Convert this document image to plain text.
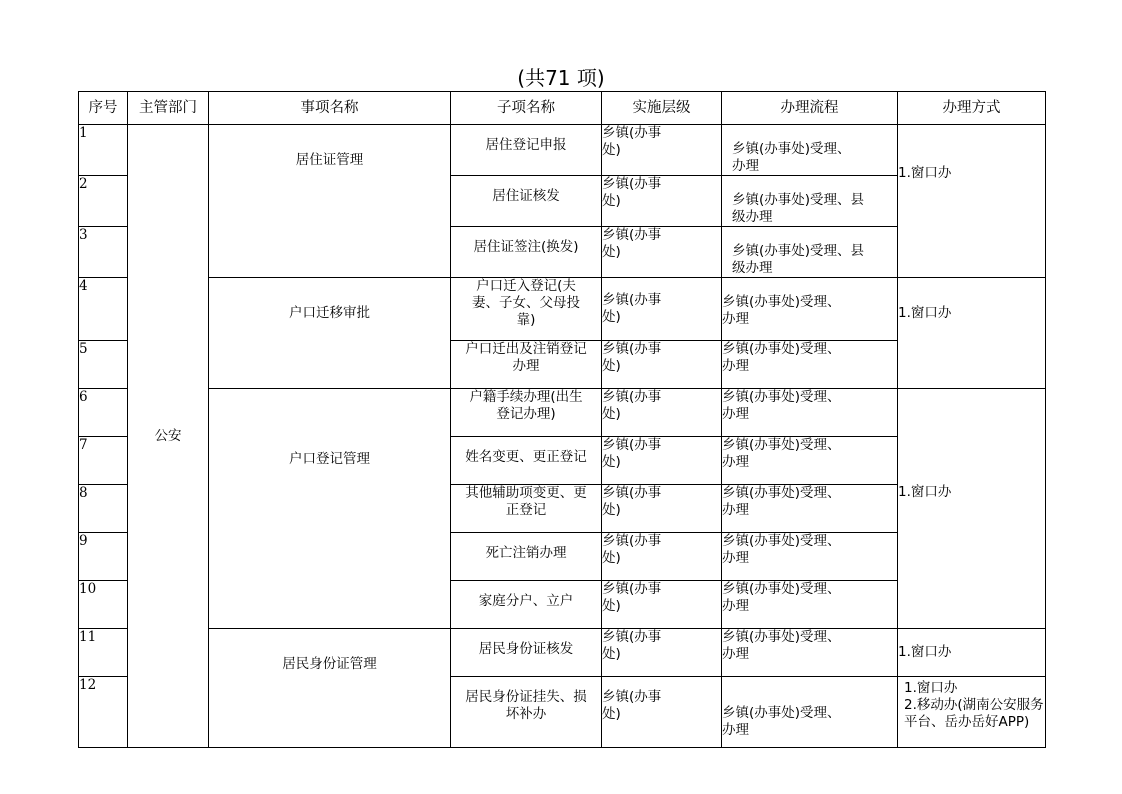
(共71 项)
序号	主管部门	事项名称	子项名称	实施层级	办理流程	办理方式
1	公安	居住证管理	居住登记申报	乡镇(办事
处)	乡镇(办事处)受理、
办理	1.窗口办

2			居住证核发	乡镇(办事
处)	乡镇(办事处)受理、县
级办理	

3			居住证签注(换发)	乡镇(办事
处)	乡镇(办事处)受理、县
级办理	

4		户口迁移审批	户口迁入登记(夫
妻、子女、父母投
靠)	乡镇(办事
处)	乡镇(办事处)受理、
办理	1.窗口办

5			户口迁出及注销登记
办理	乡镇(办事
处)	乡镇(办事处)受理、
办理	

6		户口登记管理	户籍手续办理(出生
登记办理)	乡镇(办事
处)	乡镇(办事处)受理、
办理	1.窗口办

7			姓名变更、更正登记	乡镇(办事
处)	乡镇(办事处)受理、
办理	

8			其他辅助项变更、更
正登记	乡镇(办事
处)	乡镇(办事处)受理、
办理	

9			死亡注销办理	乡镇(办事
处)	乡镇(办事处)受理、
办理	

10			家庭分户、立户	乡镇(办事
处)	乡镇(办事处)受理、
办理	

11		居民身份证管理	居民身份证核发	乡镇(办事
处)	乡镇(办事处)受理、
办理	1.窗口办

12			居民身份证挂失、损
坏补办	乡镇(办事
处)	乡镇(办事处)受理、
办理	1.窗口办
2.移动办(湖南公安服务平台、岳办岳好APP)
